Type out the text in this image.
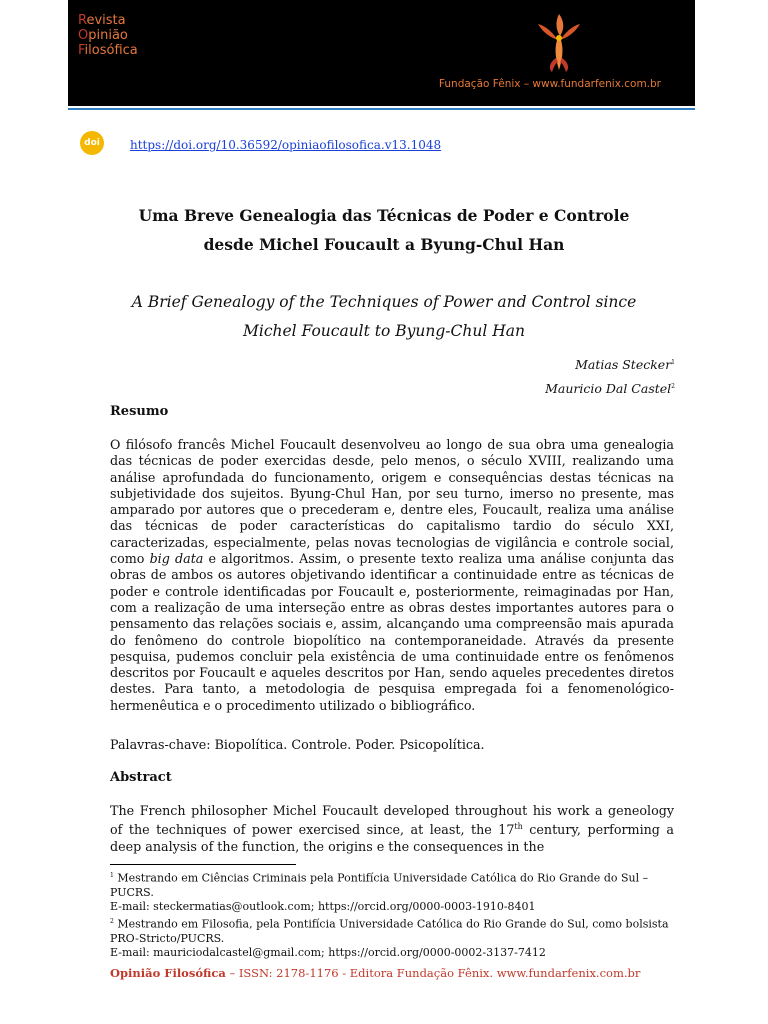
Revista
Opinião
Filosófica
Fundação Fênix – www.fundarfenix.com.br
doi	https://doi.org/10.36592/opiniaofilosofica.v13.1048
Uma Breve Genealogia das Técnicas de Poder e Controle
desde Michel Foucault a Byung-Chul Han
A Brief Genealogy of the Techniques of Power and Control since
Michel Foucault to Byung-Chul Han
Matias Stecker$^1$
Mauricio Dal Castel$^2$
Resumo
O filósofo francês Michel Foucault desenvolveu ao longo de sua obra uma genealogia das técnicas de poder exercidas desde, pelo menos, o século XVIII, realizando uma análise aprofundada do funcionamento, origem e consequências destas técnicas na subjetividade dos sujeitos. Byung-Chul Han, por seu turno, imerso no presente, mas amparado por autores que o precederam e, dentre eles, Foucault, realiza uma análise das técnicas de poder características do capitalismo tardio do século XXI, caracterizadas, especialmente, pelas novas tecnologias de vigilância e controle social, como big data e algoritmos. Assim, o presente texto realiza uma análise conjunta das obras de ambos os autores objetivando identificar a continuidade entre as técnicas de poder e controle identificadas por Foucault e, posteriormente, reimaginadas por Han, com a realização de uma interseção entre as obras destes importantes autores para o pensamento das relações sociais e, assim, alcançando uma compreensão mais apurada do fenômeno do controle biopolítico na contemporaneidade. Através da presente pesquisa, pudemos concluir pela existência de uma continuidade entre os fenômenos descritos por Foucault e aqueles descritos por Han, sendo aqueles precedentes diretos destes. Para tanto, a metodologia de pesquisa empregada foi a fenomenológico-hermenêutica e o procedimento utilizado o bibliográfico.
Palavras-chave: Biopolítica. Controle. Poder. Psicopolítica.
Abstract
The French philosopher Michel Foucault developed throughout his work a geneology of the techniques of power exercised since, at least, the 17th century, performing a deep analysis of the function, the origins e the consequences in the
$^1$ Mestrando em Ciências Criminais pela Pontifícia Universidade Católica do Rio Grande do Sul – PUCRS.
E-mail: steckermatias@outlook.com; https://orcid.org/0000-0003-1910-8401
$^2$ Mestrando em Filosofia, pela Pontifícia Universidade Católica do Rio Grande do Sul, como bolsista PRO-Stricto/PUCRS.
E-mail: mauriciodalcastel@gmail.com; https://orcid.org/0000-0002-3137-7412
Opinião Filosófica – ISSN: 2178-1176 - Editora Fundação Fênix. www.fundarfenix.com.br
